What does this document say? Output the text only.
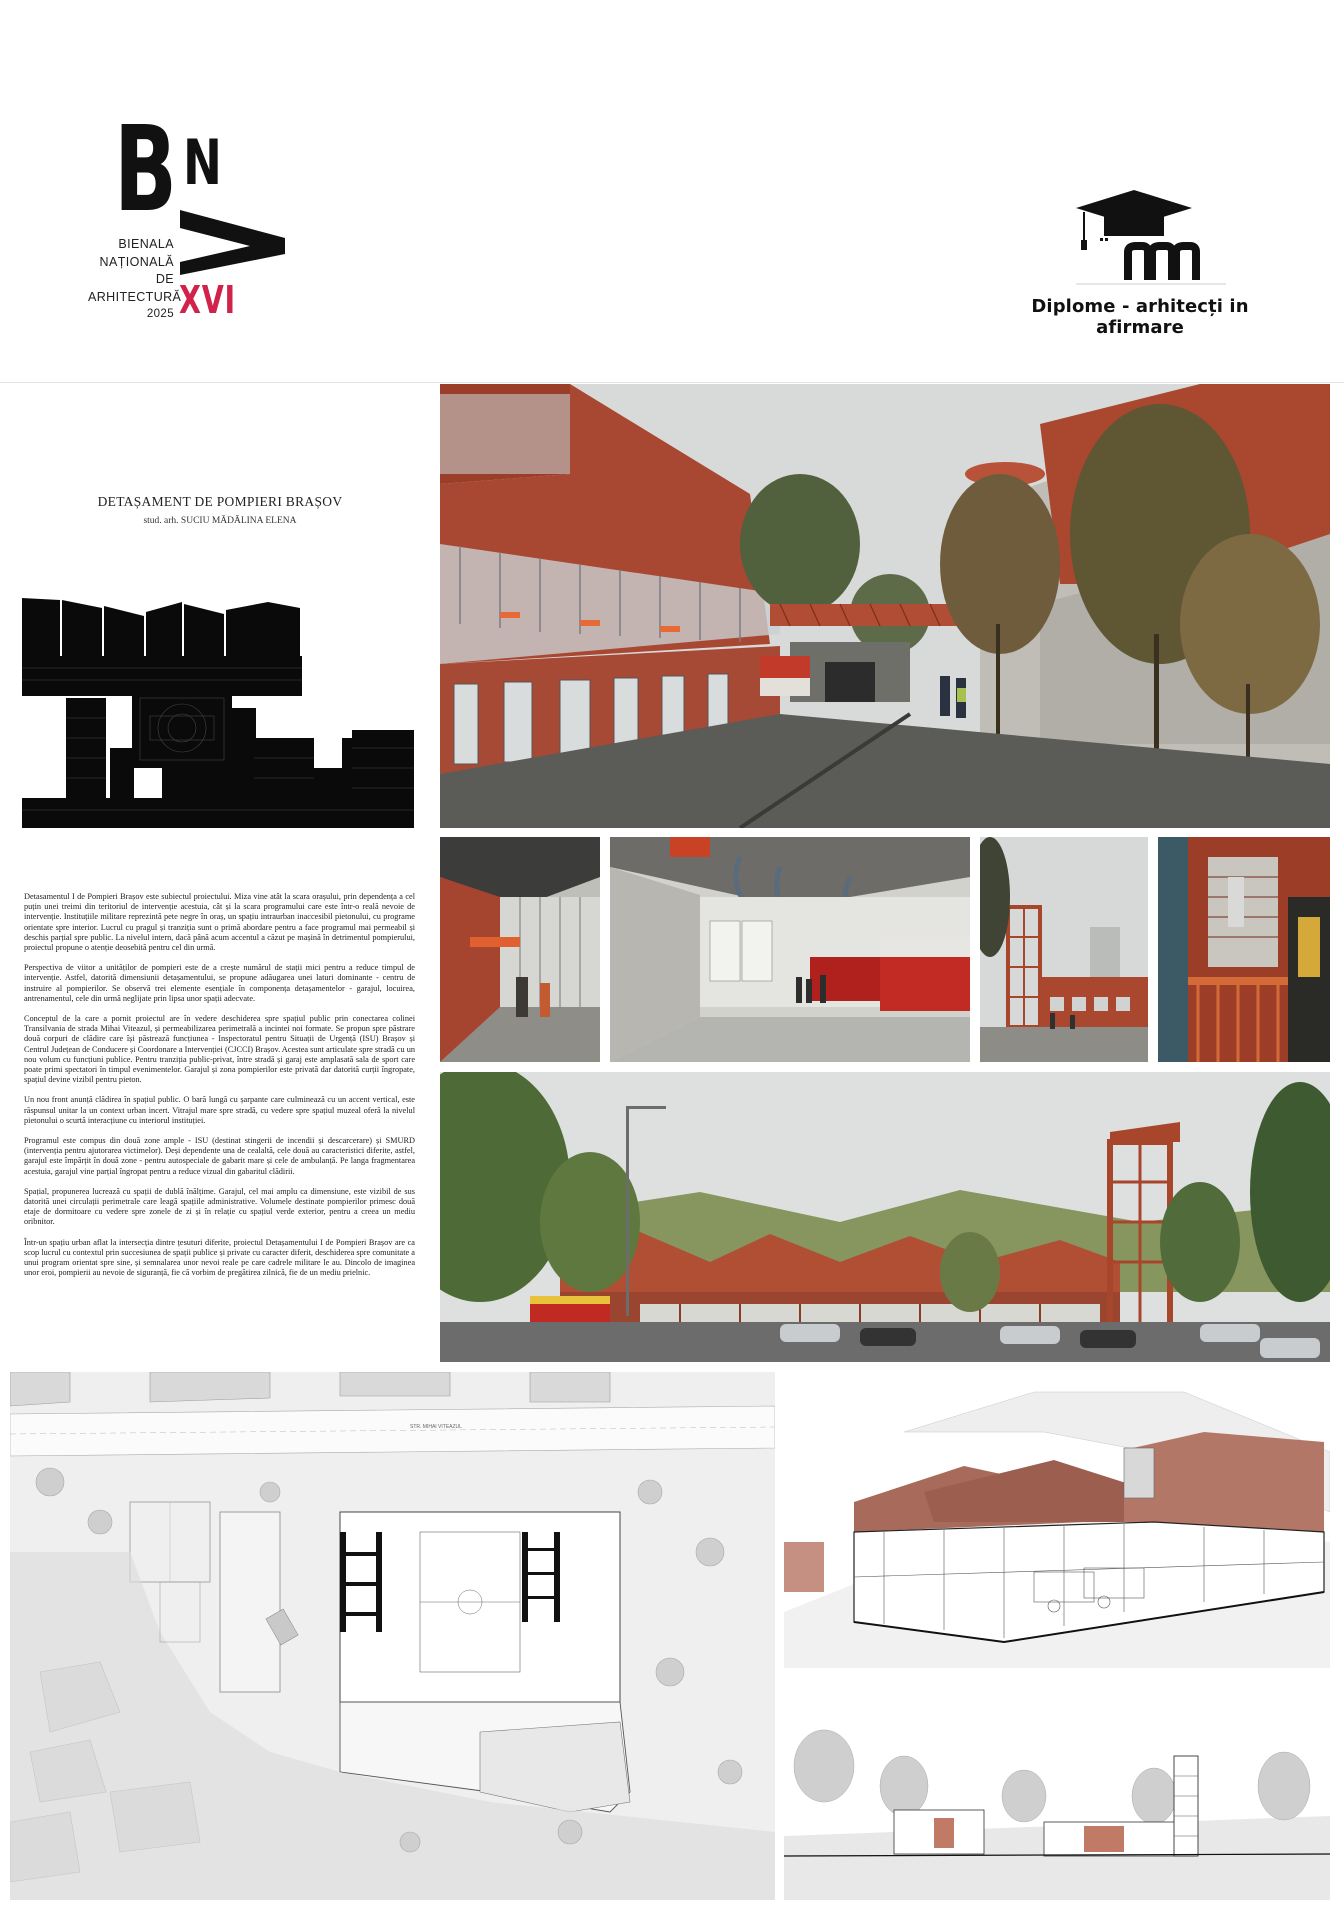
B N
BIENALA
NAȚIONALĂ
DE
ARHITECTURĂ
2025 XVI	Diplome - arhitecți in afirmare
DETAȘAMENT DE POMPIERI BRAȘOV
stud. arh. SUCIU MĂDĂLINA ELENA

Detasamentul I de Pompieri Brașov este subiectul proiectului. Miza vine atât la scara orașului, prin dependența a cel puțin unei treimi din teritoriul de intervenție acestuia, cât și la scara programului care este într-o reală nevoie de intervenție. Instituțiile militare reprezintă pete negre în oraș, un spațiu intraurban inaccesibil pietonului, cu programe orientate spre interior. Lucrul cu pragul și tranziția sunt o primă abordare pentru a face programul mai permeabil și deschis parțial spre public. La nivelul intern, dacă până acum accentul a căzut pe mașină în detrimentul pompierului, proiectul propune o atenție deosebită pentru cel din urmă.

Perspectiva de viitor a unităților de pompieri este de a crește numărul de stații mici pentru a reduce timpul de intervenție. Astfel, datorită dimensiunii detașamentului, se propune adăugarea unei laturi dominante - centru de instruire al pompierilor. Se observă trei elemente esențiale în componența detașamentelor - garajul, locuirea, antrenamentul, cele din urmă neglijate prin lipsa unor spații adecvate.

Conceptul de la care a pornit proiectul are în vedere deschiderea spre spațiul public prin conectarea colinei Transilvania de strada Mihai Viteazul, și permeabilizarea perimetrală a incintei noi formate. Se propun spre păstrare două corpuri de clădire care își păstrează funcțiunea - Inspectoratul pentru Situații de Urgență (ISU) Brașov și Centrul Județean de Conducere și Coordonare a Intervenției (CJCCI) Brașov. Acestea sunt articulate spre stradă cu un nou volum cu funcțiuni publice. Pentru tranziția public-privat, între stradă și garaj este amplasată sala de sport care poate primi spectatori în timpul evenimentelor. Garajul și zona pompierilor este privată dar datorită curții îngropate, spațiul devine vizibil pentru pieton.

Un nou front anunță clădirea în spațiul public. O bară lungă cu șarpante care culminează cu un accent vertical, este răspunsul unitar la un context urban incert. Vitrajul mare spre stradă, cu vedere spre spațiul muzeal oferă la nivelul pietonului o scurtă interacțiune cu interiorul instituției.

Programul este compus din două zone ample - ISU (destinat stingerii de incendii și descarcerare) și SMURD (intervenția pentru ajutorarea victimelor). Deși dependente una de cealaltă, cele două au caracteristici diferite, astfel, garajul este împărțit în două zone - pentru autospeciale de gabarit mare și cele de ambulanță. Pe langa fragmentarea acestuia, garajul vine parțial îngropat pentru a reduce vizual din gabaritul clădirii.

Spațial, propunerea lucrează cu spații de dublă înălțime. Garajul, cel mai amplu ca dimensiune, este vizibil de sus datorită unei circulații perimetrale care leagă spațiile administrative. Volumele destinate pompierilor primesc două etaje de dormitoare cu vedere spre zonele de zi și în relație cu spațiul verde exterior, pentru a creea un mediu oribnitor.

Într-un spațiu urban aflat la intersecția dintre țesuturi diferite, proiectul Detașamentului I de Pompieri Brașov are ca scop lucrul cu contextul prin succesiunea de spații publice și private cu caracter diferit, deschiderea spre comunitate a unui program orientat spre sine, și semnalarea unor nevoi reale pe care cadrele militare le au. Dincolo de imaginea unor eroi, pompierii au nevoie de siguranță, fie că vorbim de pregătirea zilnică, fie de un mediu prielnic.

STR. MIHAI VITEAZUL
